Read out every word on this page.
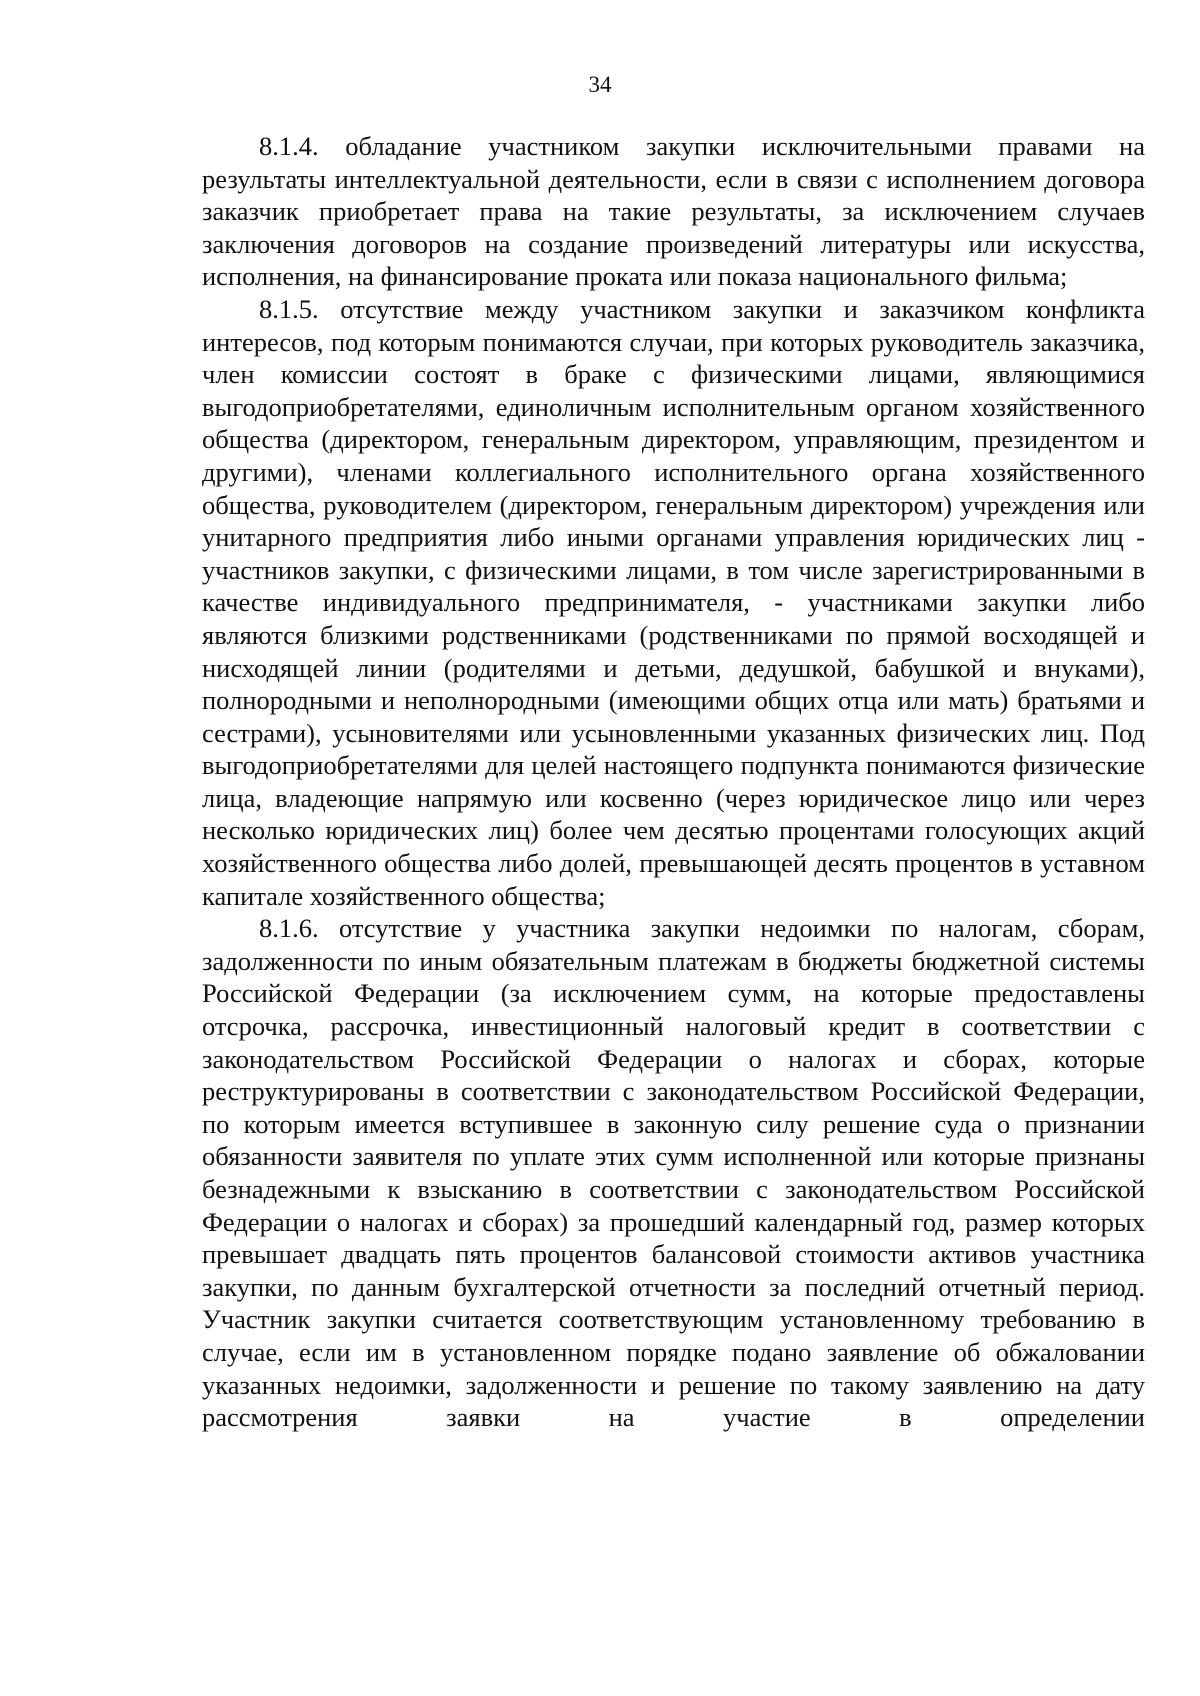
34

8.1.4. обладание участником закупки исключительными правами на результаты интеллектуальной деятельности, если в связи с исполнением договора заказчик приобретает права на такие результаты, за исключением случаев заключения договоров на создание произведений литературы или искусства, исполнения, на финансирование проката или показа национального фильма;

8.1.5. отсутствие между участником закупки и заказчиком конфликта интересов, под которым понимаются случаи, при которых руководитель заказчика, член комиссии состоят в браке с физическими лицами, являющимися выгодоприобретателями, единоличным исполнительным органом хозяйственного общества (директором, генеральным директором, управляющим, президентом и другими), членами коллегиального исполнительного органа хозяйственного общества, руководителем (директором, генеральным директором) учреждения или унитарного предприятия либо иными органами управления юридических лиц - участников закупки, с физическими лицами, в том числе зарегистрированными в качестве индивидуального предпринимателя, - участниками закупки либо являются близкими родственниками (родственниками по прямой восходящей и нисходящей линии (родителями и детьми, дедушкой, бабушкой и внуками), полнородными и неполнородными (имеющими общих отца или мать) братьями и сестрами), усыновителями или усыновленными указанных физических лиц. Под выгодоприобретателями для целей настоящего подпункта понимаются физические лица, владеющие напрямую или косвенно (через юридическое лицо или через несколько юридических лиц) более чем десятью процентами голосующих акций хозяйственного общества либо долей, превышающей десять процентов в уставном капитале хозяйственного общества;

8.1.6. отсутствие у участника закупки недоимки по налогам, сборам, задолженности по иным обязательным платежам в бюджеты бюджетной системы Российской Федерации (за исключением сумм, на которые предоставлены отсрочка, рассрочка, инвестиционный налоговый кредит в соответствии с законодательством Российской Федерации о налогах и сборах, которые реструктурированы в соответствии с законодательством Российской Федерации, по которым имеется вступившее в законную силу решение суда о признании обязанности заявителя по уплате этих сумм исполненной или которые признаны безнадежными к взысканию в соответствии с законодательством Российской Федерации о налогах и сборах) за прошедший календарный год, размер которых превышает двадцать пять процентов балансовой стоимости активов участника закупки, по данным бухгалтерской отчетности за последний отчетный период. Участник закупки считается соответствующим установленному требованию в случае, если им в установленном порядке подано заявление об обжаловании указанных недоимки, задолженности и решение по такому заявлению на дату рассмотрения заявки на участие в определении
